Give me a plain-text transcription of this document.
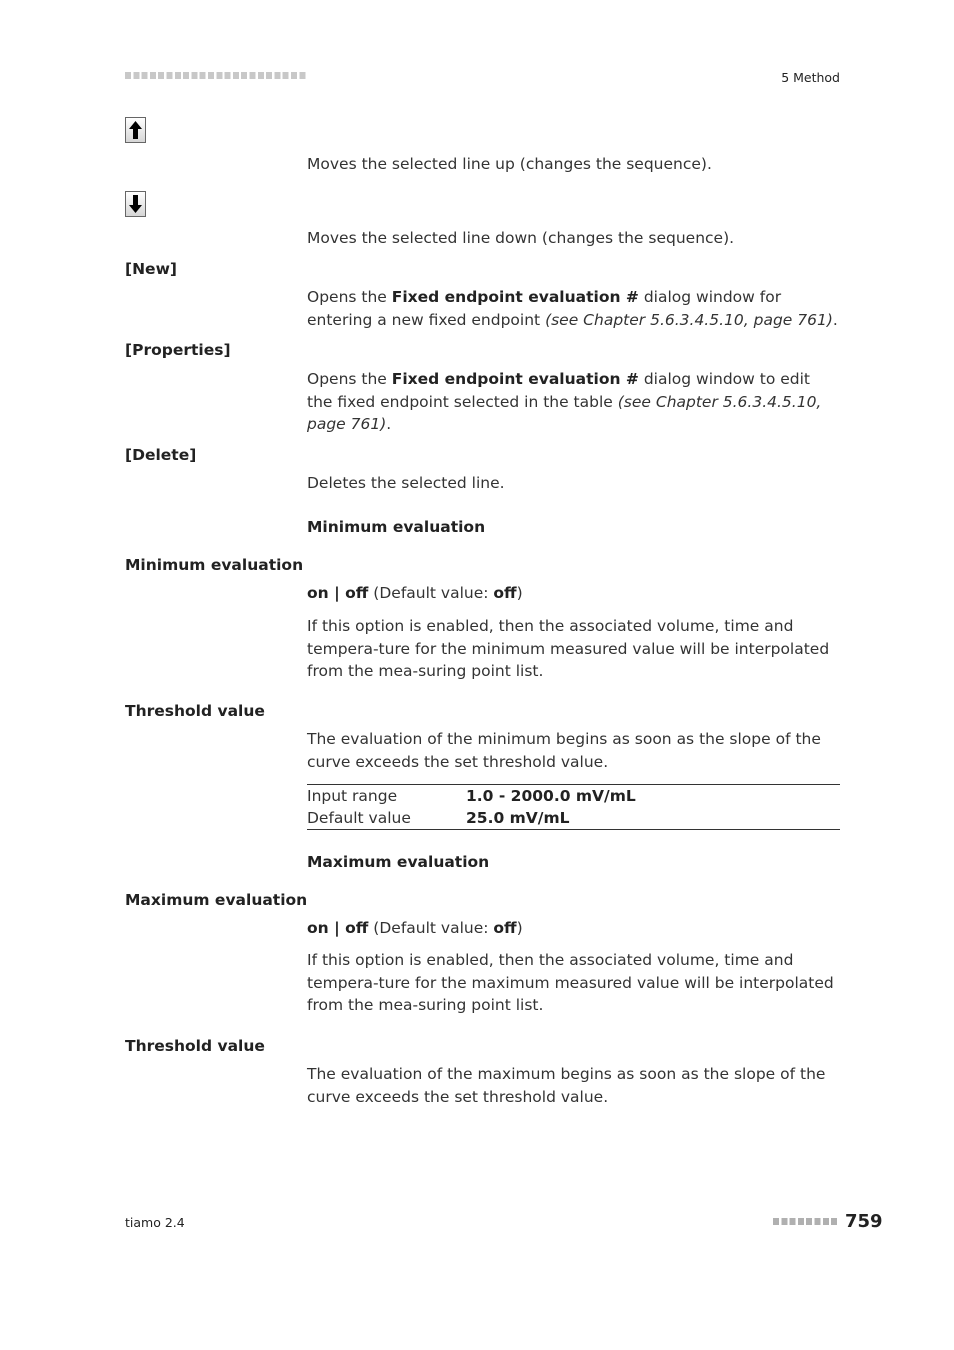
5 Method
Moves the selected line up (changes the sequence).
Moves the selected line down (changes the sequence).
[New]
Opens the Fixed endpoint evaluation # dialog window for entering a new fixed endpoint (see Chapter 5.6.3.4.5.10, page 761).
[Properties]
Opens the Fixed endpoint evaluation # dialog window to edit the fixed endpoint selected in the table (see Chapter 5.6.3.4.5.10, page 761).
[Delete]
Deletes the selected line.
Minimum evaluation
Minimum evaluation
on | off (Default value: off)
If this option is enabled, then the associated volume, time and tempera-ture for the minimum measured value will be interpolated from the mea-suring point list.
Threshold value
The evaluation of the minimum begins as soon as the slope of the curve exceeds the set threshold value.
Input range	1.0 - 2000.0 mV/mL
Default value	25.0 mV/mL
Maximum evaluation
Maximum evaluation
on | off (Default value: off)
If this option is enabled, then the associated volume, time and tempera-ture for the maximum measured value will be interpolated from the mea-suring point list.
Threshold value
The evaluation of the maximum begins as soon as the slope of the curve exceeds the set threshold value.
tiamo 2.4	759
